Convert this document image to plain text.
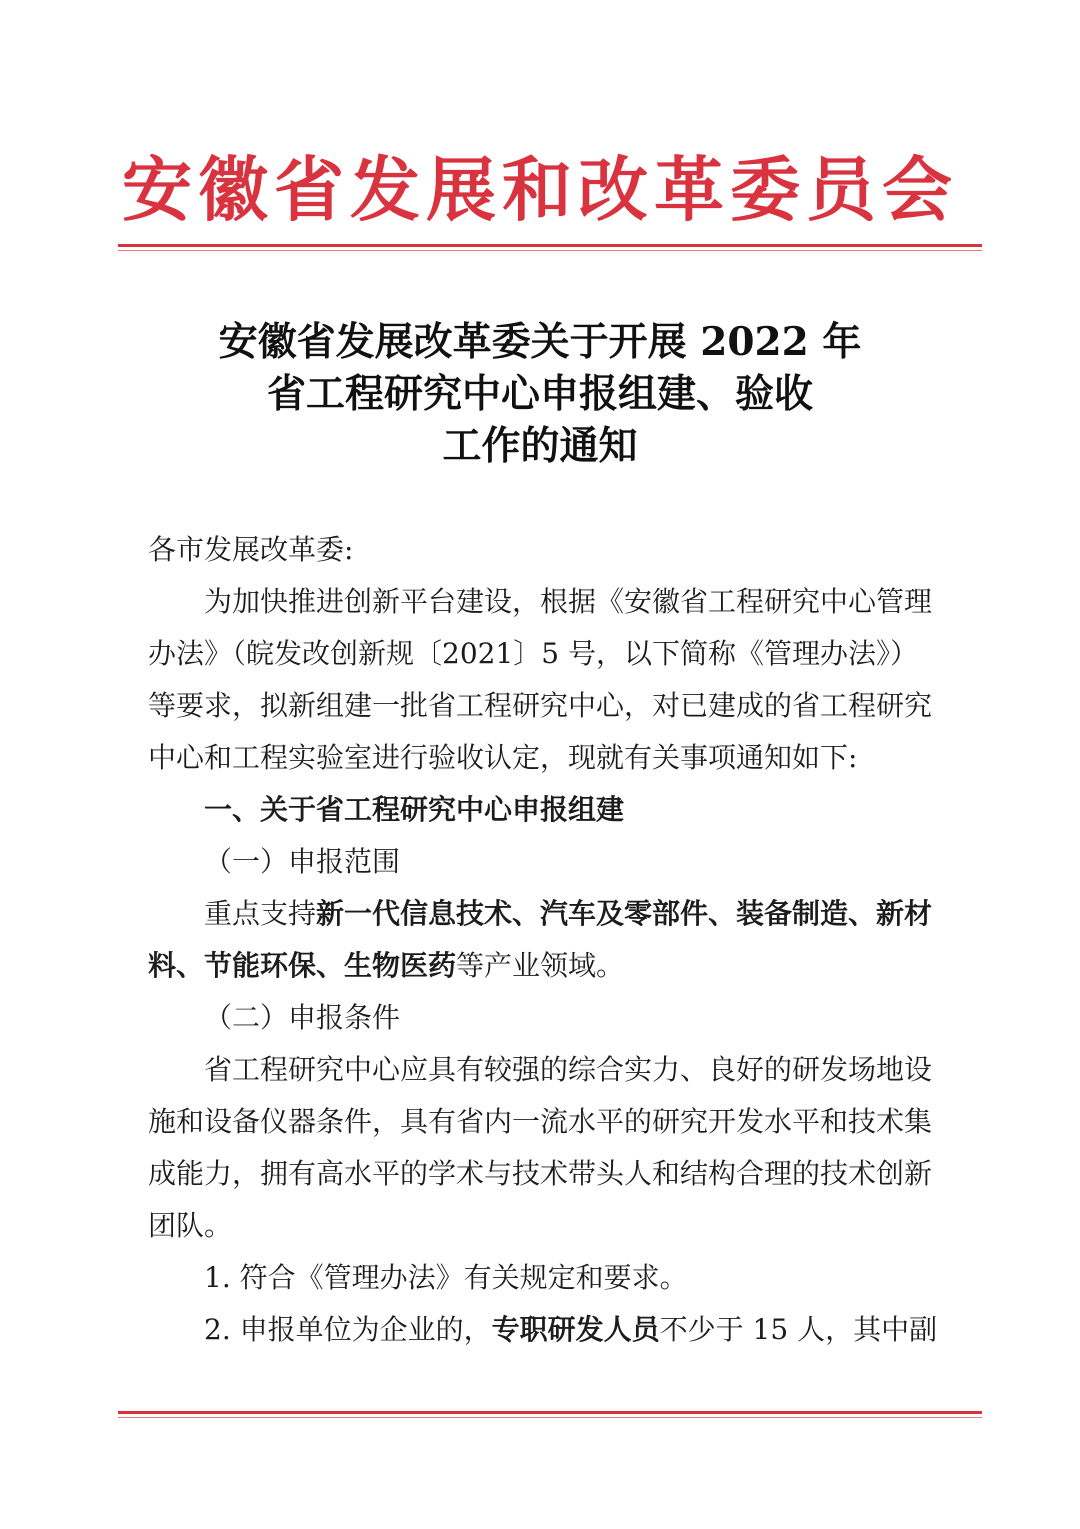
安徽省发展和改革委员会
安徽省发展改革委关于开展 2022 年
省工程研究中心申报组建、验收
工作的通知
各市发展改革委:
为加快推进创新平台建设，根据《安徽省工程研究中心管理
办法》（皖发改创新规〔2021〕5 号，以下简称《管理办法》）
等要求，拟新组建一批省工程研究中心，对已建成的省工程研究
中心和工程实验室进行验收认定，现就有关事项通知如下:
一、关于省工程研究中心申报组建
（一）申报范围
重点支持新一代信息技术、汽车及零部件、装备制造、新材
料、节能环保、生物医药等产业领域。
（二）申报条件
省工程研究中心应具有较强的综合实力、良好的研发场地设
施和设备仪器条件，具有省内一流水平的研究开发水平和技术集
成能力，拥有高水平的学术与技术带头人和结构合理的技术创新
团队。
1. 符合《管理办法》有关规定和要求。
2. 申报单位为企业的，专职研发人员不少于 15 人，其中副
